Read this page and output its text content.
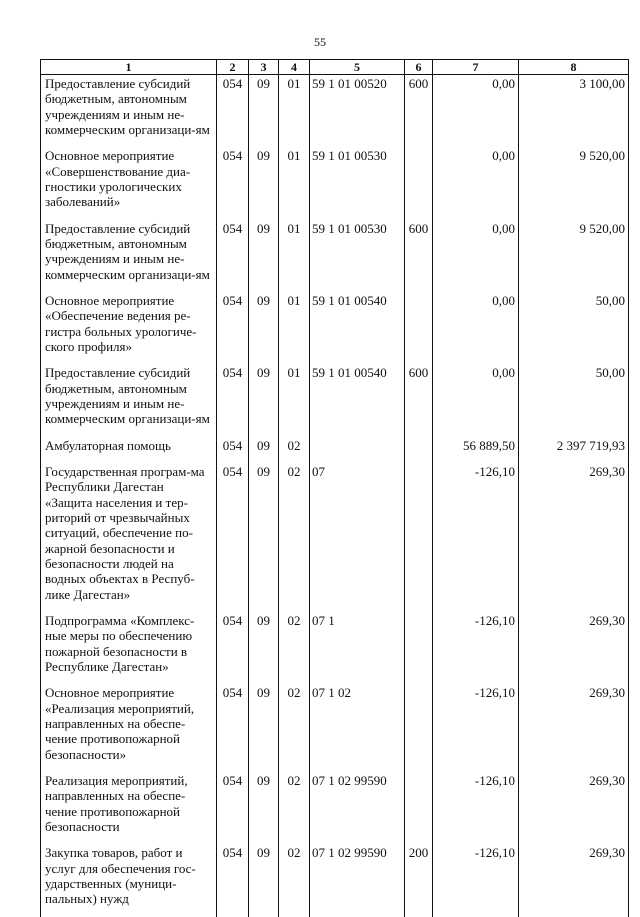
55
1	2	3	4	5	6	7	8
Предоставление субсидий бюджетным, автономным учреждениям и иным не-коммерческим организаци-ям	054	09	01	59 1 01 00520	600	0,00	3 100,00
Основное мероприятие «Совершенствование диа-гностики урологических заболеваний»	054	09	01	59 1 01 00530		0,00	9 520,00
Предоставление субсидий бюджетным, автономным учреждениям и иным не-коммерческим организаци-ям	054	09	01	59 1 01 00530	600	0,00	9 520,00
Основное мероприятие «Обеспечение ведения ре-гистра больных урологиче-ского профиля»	054	09	01	59 1 01 00540		0,00	50,00
Предоставление субсидий бюджетным, автономным учреждениям и иным не-коммерческим организаци-ям	054	09	01	59 1 01 00540	600	0,00	50,00
Амбулаторная помощь	054	09	02			56 889,50	2 397 719,93
Государственная програм-ма Республики Дагестан «Защита населения и тер-риторий от чрезвычайных ситуаций, обеспечение по-жарной безопасности и безопасности людей на водных объектах в Респуб-лике Дагестан»	054	09	02	07		-126,10	269,30
Подпрограмма «Комплекс-ные меры по обеспечению пожарной безопасности в Республике Дагестан»	054	09	02	07 1		-126,10	269,30
Основное мероприятие «Реализация мероприятий, направленных на обеспе-чение противопожарной безопасности»	054	09	02	07 1 02		-126,10	269,30
Реализация мероприятий, направленных на обеспе-чение противопожарной безопасности	054	09	02	07 1 02 99590		-126,10	269,30
Закупка товаров, работ и услуг для обеспечения гос-ударственных (муници-пальных) нужд	054	09	02	07 1 02 99590	200	-126,10	269,30
